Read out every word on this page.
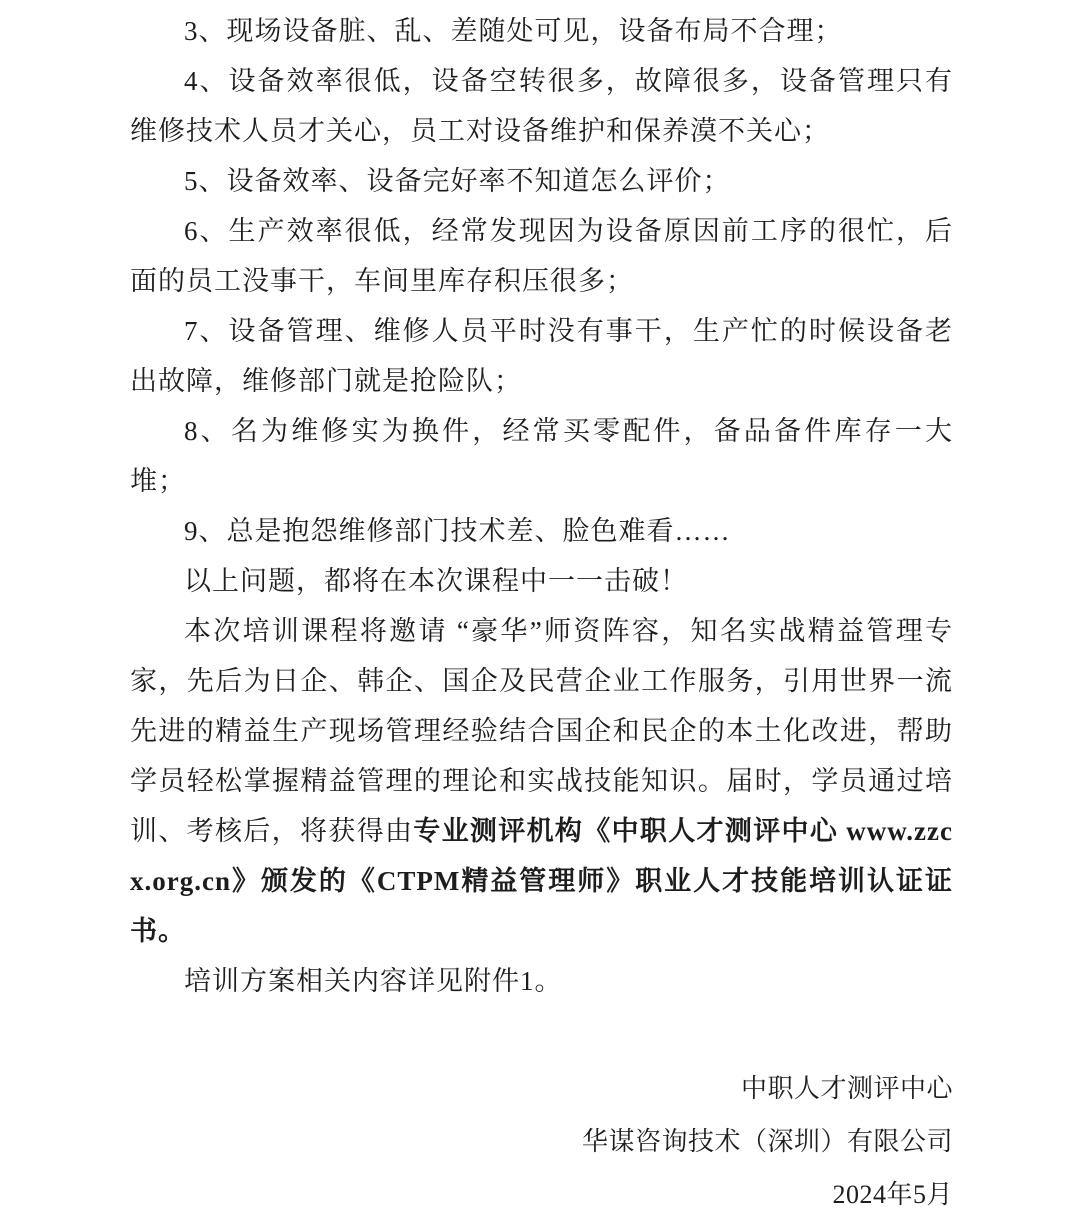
3、现场设备脏、乱、差随处可见，设备布局不合理；

4、设备效率很低，设备空转很多，故障很多，设备管理只有维修技术人员才关心，员工对设备维护和保养漠不关心；

5、设备效率、设备完好率不知道怎么评价；

6、生产效率很低，经常发现因为设备原因前工序的很忙，后面的员工没事干，车间里库存积压很多；

7、设备管理、维修人员平时没有事干，生产忙的时候设备老出故障，维修部门就是抢险队；

8、名为维修实为换件，经常买零配件，备品备件库存一大堆；

9、总是抱怨维修部门技术差、脸色难看……

以上问题，都将在本次课程中一一击破！

本次培训课程将邀请 “豪华”师资阵容，知名实战精益管理专家，先后为日企、韩企、国企及民营企业工作服务，引用世界一流先进的精益生产现场管理经验结合国企和民企的本土化改进，帮助学员轻松掌握精益管理的理论和实战技能知识。届时，学员通过培训、考核后，将获得由专业测评机构《中职人才测评中心 www.zzcx.org.cn》颁发的《CTPM精益管理师》职业人才技能培训认证证书。

培训方案相关内容详见附件1。

中职人才测评中心

华谋咨询技术（深圳）有限公司

2024年5月
